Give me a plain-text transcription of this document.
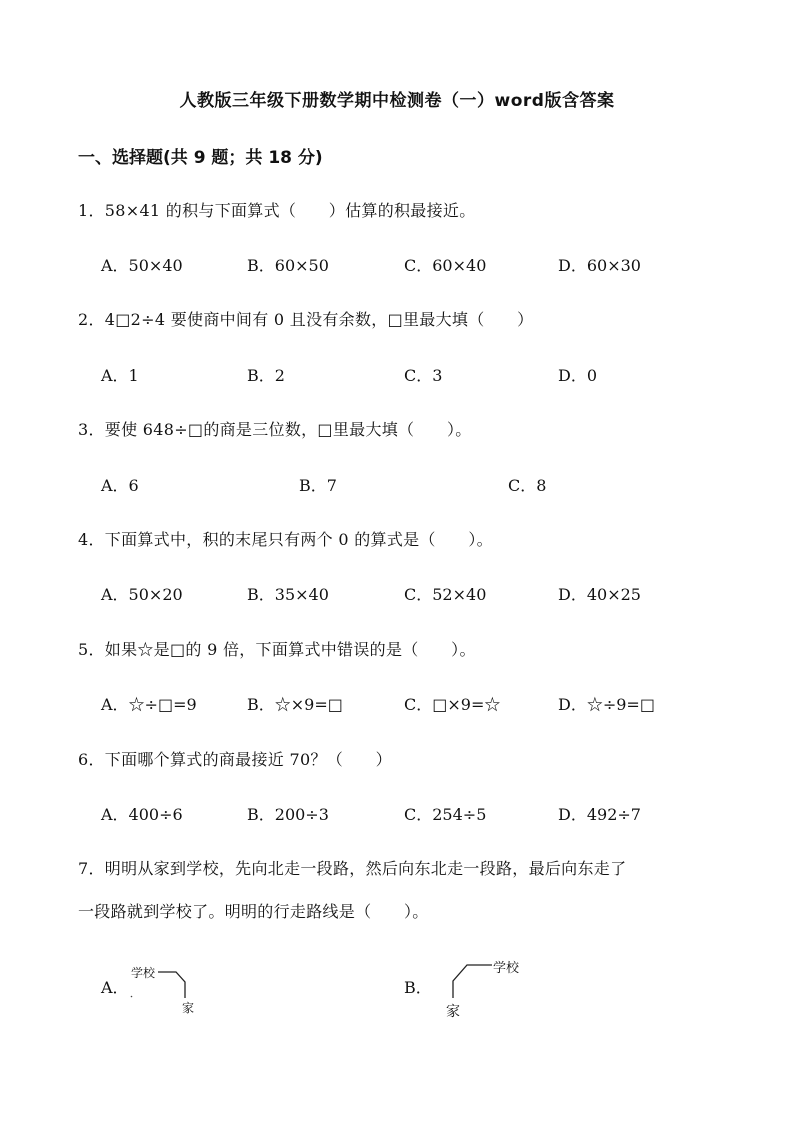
人教版三年级下册数学期中检测卷（一）word版含答案
一、选择题(共 9 题；共 18 分)
1．58×41 的积与下面算式（　　）估算的积最接近。
A．50×40	B．60×50	C．60×40	D．60×30
2．4□2÷4 要使商中间有 0 且没有余数，□里最大填（　　）
A．1	B．2	C．3	D．0
3．要使 648÷□的商是三位数，□里最大填（　　）。
A．6	B．7	C．8
4．下面算式中，积的末尾只有两个 0 的算式是（　　）。
A．50×20	B．35×40	C．52×40	D．40×25
5．如果☆是□的 9 倍，下面算式中错误的是（　　）。
A．☆÷□=9	B．☆×9=□	C．□×9=☆	D．☆÷9=□
6．下面哪个算式的商最接近 70？（　　）
A．400÷6	B．200÷3	C．254÷5	D．492÷7
7．明明从家到学校，先向北走一段路，然后向东北走一段路，最后向东走了
一段路就到学校了。明明的行走路线是（　　）。
A．
学校
家
B．
学校
家
